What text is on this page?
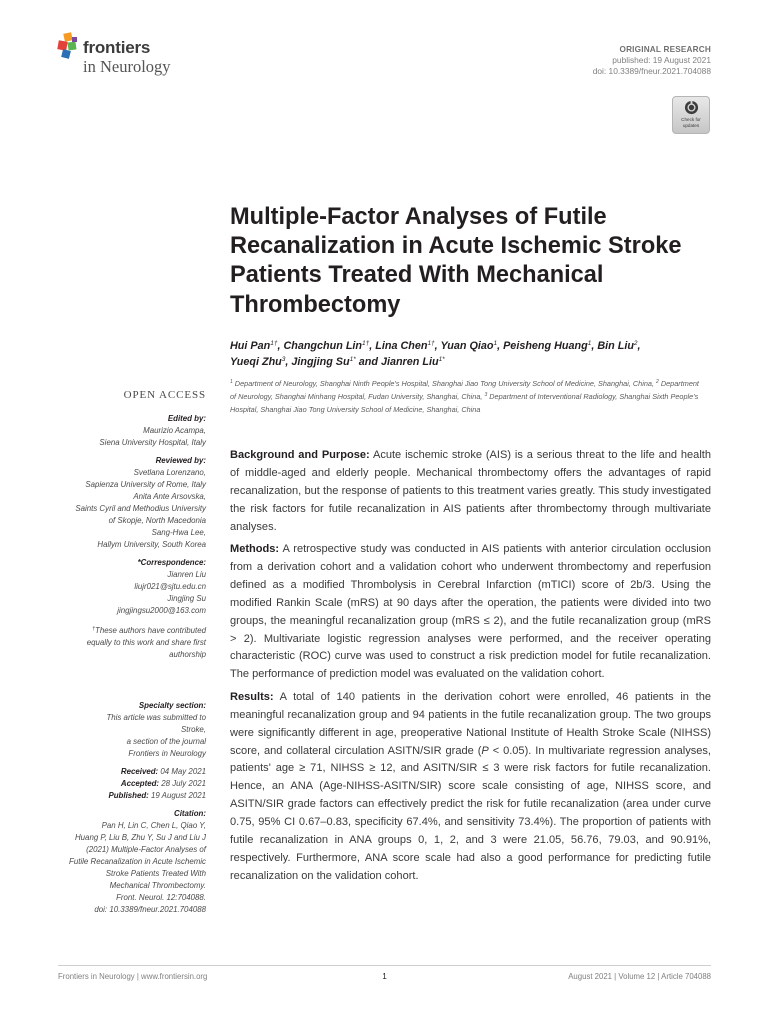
frontiers
in Neurology
ORIGINAL RESEARCH
published: 19 August 2021
doi: 10.3389/fneur.2021.704088
Check for
updates
Multiple-Factor Analyses of Futile Recanalization in Acute Ischemic Stroke Patients Treated With Mechanical Thrombectomy
Hui Pan$^{1\dagger}$, Changchun Lin$^{1\dagger}$, Lina Chen$^{1\dagger}$, Yuan Qiao$^1$, Peisheng Huang$^1$, Bin Liu$^2$,
Yueqi Zhu$^3$, Jingjing $Su^{1*}$ and Jianren Liu$^{1*}$
$^1$ Department of Neurology, Shanghai Ninth People's Hospital, Shanghai Jiao Tong University School of Medicine, Shanghai, China, $^2$ Department of Neurology, Shanghai Minhang Hospital, Fudan University, Shanghai, China, $^3$ Department of Interventional Radiology, Shanghai Sixth People's Hospital, Shanghai Jiao Tong University School of Medicine, Shanghai, China
OPEN ACCESS
Edited by:
Maurizio Acampa,
Siena University Hospital, Italy
Reviewed by:
Svetlana Lorenzano,
Sapienza University of Rome, Italy
Anita Ante Arsovska,
Saints Cyril and Methodius University
of Skopje, North Macedonia
Sang-Hwa Lee,
Hallym University, South Korea
*Correspondence:
Jianren Liu
liujr021@sjtu.edu.cn
Jingjing Su
jingjingsu2000@163.com
†These authors have contributed
equally to this work and share first
authorship
Specialty section:
This article was submitted to
Stroke,
a section of the journal
Frontiers in Neurology
Received: 04 May 2021
Accepted: 28 July 2021
Published: 19 August 2021
Citation:
Pan H, Lin C, Chen L, Qiao Y,
Huang P, Liu B, Zhu Y, Su J and Liu J
(2021) Multiple-Factor Analyses of
Futile Recanalization in Acute Ischemic
Stroke Patients Treated With
Mechanical Thrombectomy.
Front. Neurol. 12:704088.
doi: 10.3389/fneur.2021.704088

Background and Purpose: Acute ischemic stroke (AIS) is a serious threat to the life and health of middle-aged and elderly people. Mechanical thrombectomy offers the advantages of rapid recanalization, but the response of patients to this treatment varies greatly. This study investigated the risk factors for futile recanalization in AIS patients after thrombectomy through multivariate analyses.

Methods: A retrospective study was conducted in AIS patients with anterior circulation occlusion from a derivation cohort and a validation cohort who underwent thrombectomy and reperfusion defined as a modified Thrombolysis in Cerebral Infarction (mTICI) score of 2b/3. Using the modified Rankin Scale (mRS) at 90 days after the operation, the patients were divided into two groups, the meaningful recanalization group (mRS ≤ 2), and the futile recanalization group (mRS > 2). Multivariate logistic regression analyses were performed, and the receiver operating characteristic (ROC) curve was used to construct a risk prediction model for futile recanalization. The performance of prediction model was evaluated on the validation cohort.

Results: A total of 140 patients in the derivation cohort were enrolled, 46 patients in the meaningful recanalization group and 94 patients in the futile recanalization group. The two groups were significantly different in age, preoperative National Institute of Health Stroke Scale (NIHSS) score, and collateral circulation ASITN/SIR grade (P < 0.05). In multivariate regression analyses, patients' age ≥ 71, NIHSS ≥ 12, and ASITN/SIR ≤ 3 were risk factors for futile recanalization. Hence, an ANA (Age-NIHSS-ASITN/SIR) score scale consisting of age, NIHSS score, and ASITN/SIR grade factors can effectively predict the risk for futile recanalization (area under curve 0.75, 95% CI 0.67–0.83, specificity 67.4%, and sensitivity 73.4%). The proportion of patients with futile recanalization in ANA groups 0, 1, 2, and 3 were 21.05, 56.76, 79.03, and 90.91%, respectively. Furthermore, ANA score scale had also a good performance for predicting futile recanalization on the validation cohort.

Frontiers in Neurology | www.frontiersin.org	1	August 2021 | Volume 12 | Article 704088
